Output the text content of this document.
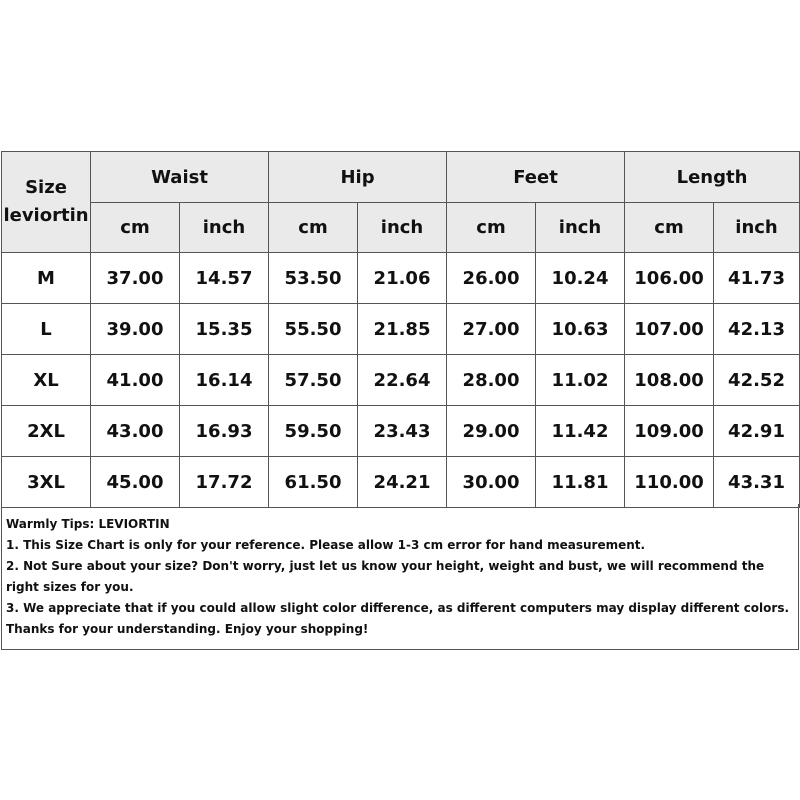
Size
leviortin	Waist		Hip		Feet		Length	
	cm	inch	cm	inch	cm	inch	cm	inch
M	37.00	14.57	53.50	21.06	26.00	10.24	106.00	41.73
L	39.00	15.35	55.50	21.85	27.00	10.63	107.00	42.13
XL	41.00	16.14	57.50	22.64	28.00	11.02	108.00	42.52
2XL	43.00	16.93	59.50	23.43	29.00	11.42	109.00	42.91
3XL	45.00	17.72	61.50	24.21	30.00	11.81	110.00	43.31
Warmly Tips: LEVIORTIN
1. This Size Chart is only for your reference. Please allow 1-3 cm error for hand measurement.
2. Not Sure about your size? Don't worry, just let us know your height, weight and bust, we will recommend the right sizes for you.
3. We appreciate that if you could allow slight color difference, as different computers may display different colors.
Thanks for your understanding. Enjoy your shopping!
